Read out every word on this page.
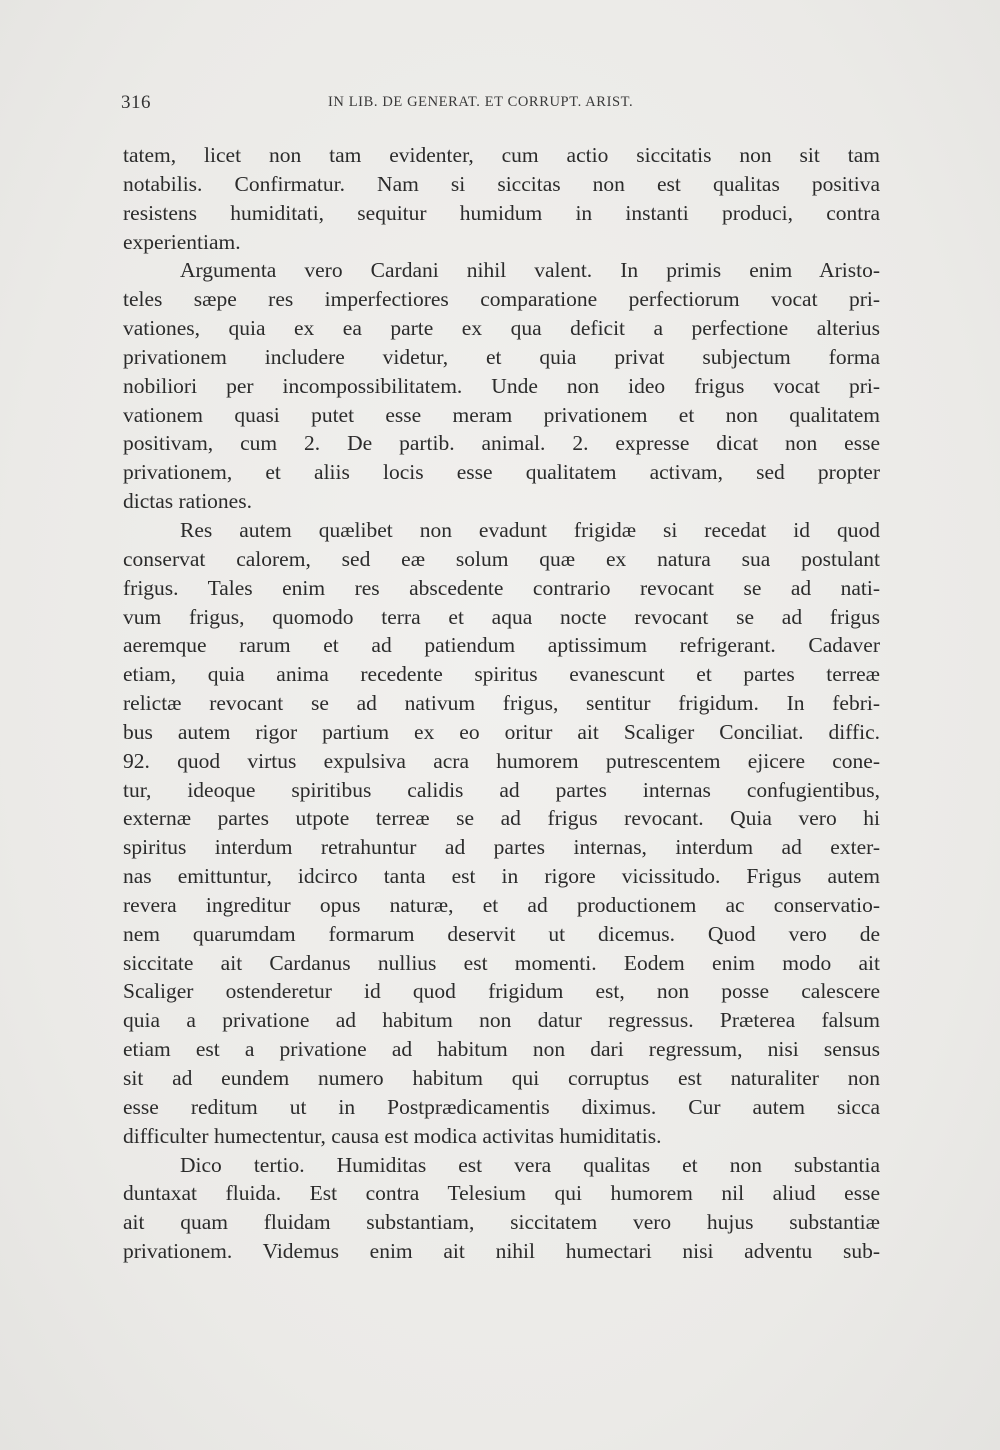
316	IN LIB. DE GENERAT. ET CORRUPT. ARIST.
tatem, licet non tam evidenter, cum actio siccitatis non sit tam
notabilis. Confirmatur. Nam si siccitas non est qualitas positiva
resistens humiditati, sequitur humidum in instanti produci, contra
experientiam.
Argumenta vero Cardani nihil valent. In primis enim Aristo-
teles sæpe res imperfectiores comparatione perfectiorum vocat pri-
vationes, quia ex ea parte ex qua deficit a perfectione alterius
privationem includere videtur, et quia privat subjectum forma
nobiliori per incompossibilitatem. Unde non ideo frigus vocat pri-
vationem quasi putet esse meram privationem et non qualitatem
positivam, cum 2. De partib. animal. 2. expresse dicat non esse
privationem, et aliis locis esse qualitatem activam, sed propter
dictas rationes.
Res autem quælibet non evadunt frigidæ si recedat id quod
conservat calorem, sed eæ solum quæ ex natura sua postulant
frigus. Tales enim res abscedente contrario revocant se ad nati-
vum frigus, quomodo terra et aqua nocte revocant se ad frigus
aeremque rarum et ad patiendum aptissimum refrigerant. Cadaver
etiam, quia anima recedente spiritus evanescunt et partes terreæ
relictæ revocant se ad nativum frigus, sentitur frigidum. In febri-
bus autem rigor partium ex eo oritur ait Scaliger Conciliat. diffic.
92. quod virtus expulsiva acra humorem putrescentem ejicere cone-
tur, ideoque spiritibus calidis ad partes internas confugientibus,
externæ partes utpote terreæ se ad frigus revocant. Quia vero hi
spiritus interdum retrahuntur ad partes internas, interdum ad exter-
nas emittuntur, idcirco tanta est in rigore vicissitudo. Frigus autem
revera ingreditur opus naturæ, et ad productionem ac conservatio-
nem quarumdam formarum deservit ut dicemus. Quod vero de
siccitate ait Cardanus nullius est momenti. Eodem enim modo ait
Scaliger ostenderetur id quod frigidum est, non posse calescere
quia a privatione ad habitum non datur regressus. Præterea falsum
etiam est a privatione ad habitum non dari regressum, nisi sensus
sit ad eundem numero habitum qui corruptus est naturaliter non
esse reditum ut in Postprædicamentis diximus. Cur autem sicca
difficulter humectentur, causa est modica activitas humiditatis.
Dico tertio. Humiditas est vera qualitas et non substantia
duntaxat fluida. Est contra Telesium qui humorem nil aliud esse
ait quam fluidam substantiam, siccitatem vero hujus substantiæ
privationem. Videmus enim ait nihil humectari nisi adventu sub-
